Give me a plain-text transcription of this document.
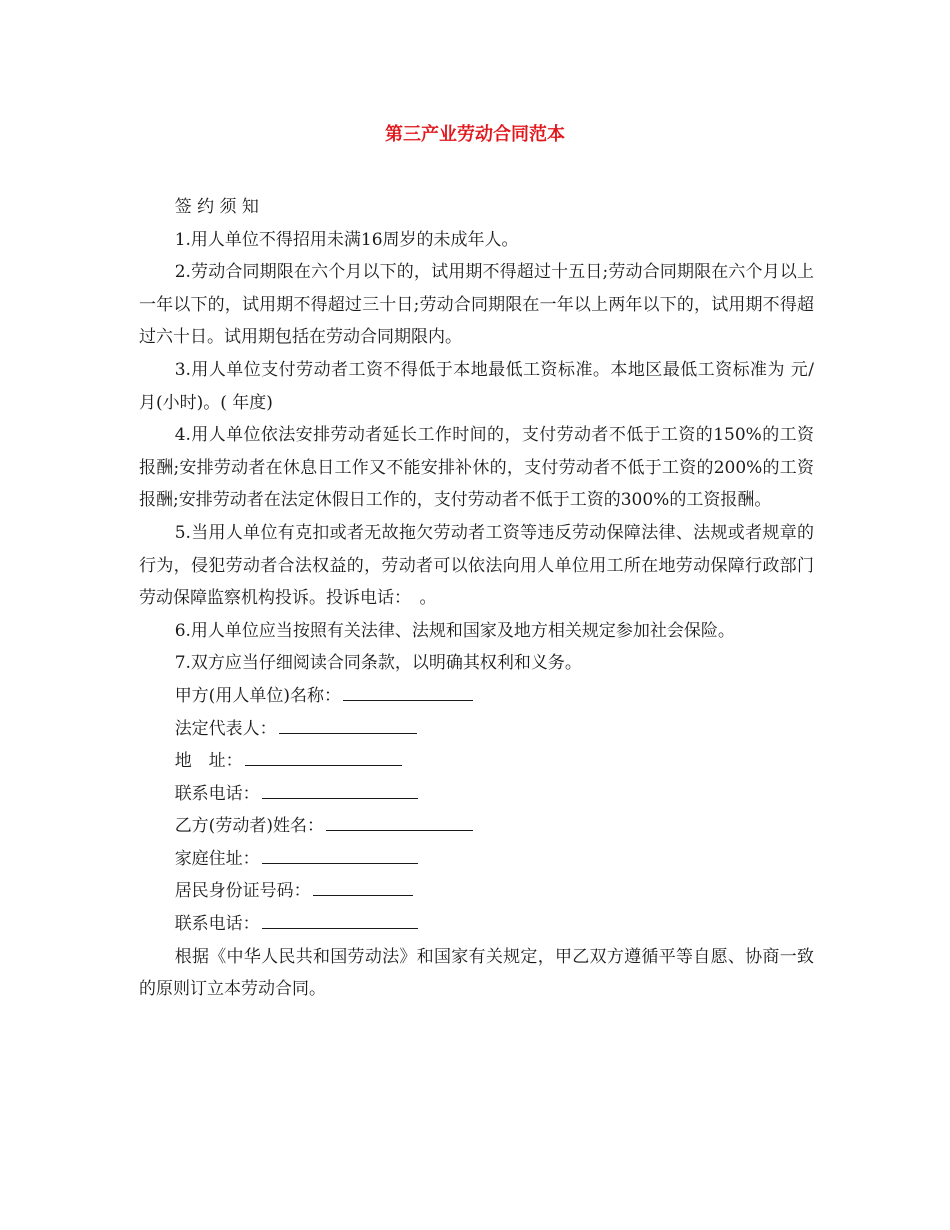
第三产业劳动合同范本

签 约 须 知

1.用人单位不得招用未满16周岁的未成年人。

2.劳动合同期限在六个月以下的，试用期不得超过十五日;劳动合同期限在六个月以上一年以下的，试用期不得超过三十日;劳动合同期限在一年以上两年以下的，试用期不得超过六十日。试用期包括在劳动合同期限内。

3.用人单位支付劳动者工资不得低于本地最低工资标准。本地区最低工资标准为 元/月(小时)。( 年度)

4.用人单位依法安排劳动者延长工作时间的，支付劳动者不低于工资的150%的工资报酬;安排劳动者在休息日工作又不能安排补休的，支付劳动者不低于工资的200%的工资报酬;安排劳动者在法定休假日工作的，支付劳动者不低于工资的300%的工资报酬。

5.当用人单位有克扣或者无故拖欠劳动者工资等违反劳动保障法律、法规或者规章的行为，侵犯劳动者合法权益的，劳动者可以依法向用人单位用工所在地劳动保障行政部门劳动保障监察机构投诉。投诉电话：　。

6.用人单位应当按照有关法律、法规和国家及地方相关规定参加社会保险。

7.双方应当仔细阅读合同条款，以明确其权利和义务。

甲方(用人单位)名称：
法定代表人：
地　址：
联系电话：
乙方(劳动者)姓名：
家庭住址：
居民身份证号码：
联系电话：

根据《中华人民共和国劳动法》和国家有关规定，甲乙双方遵循平等自愿、协商一致的原则订立本劳动合同。
